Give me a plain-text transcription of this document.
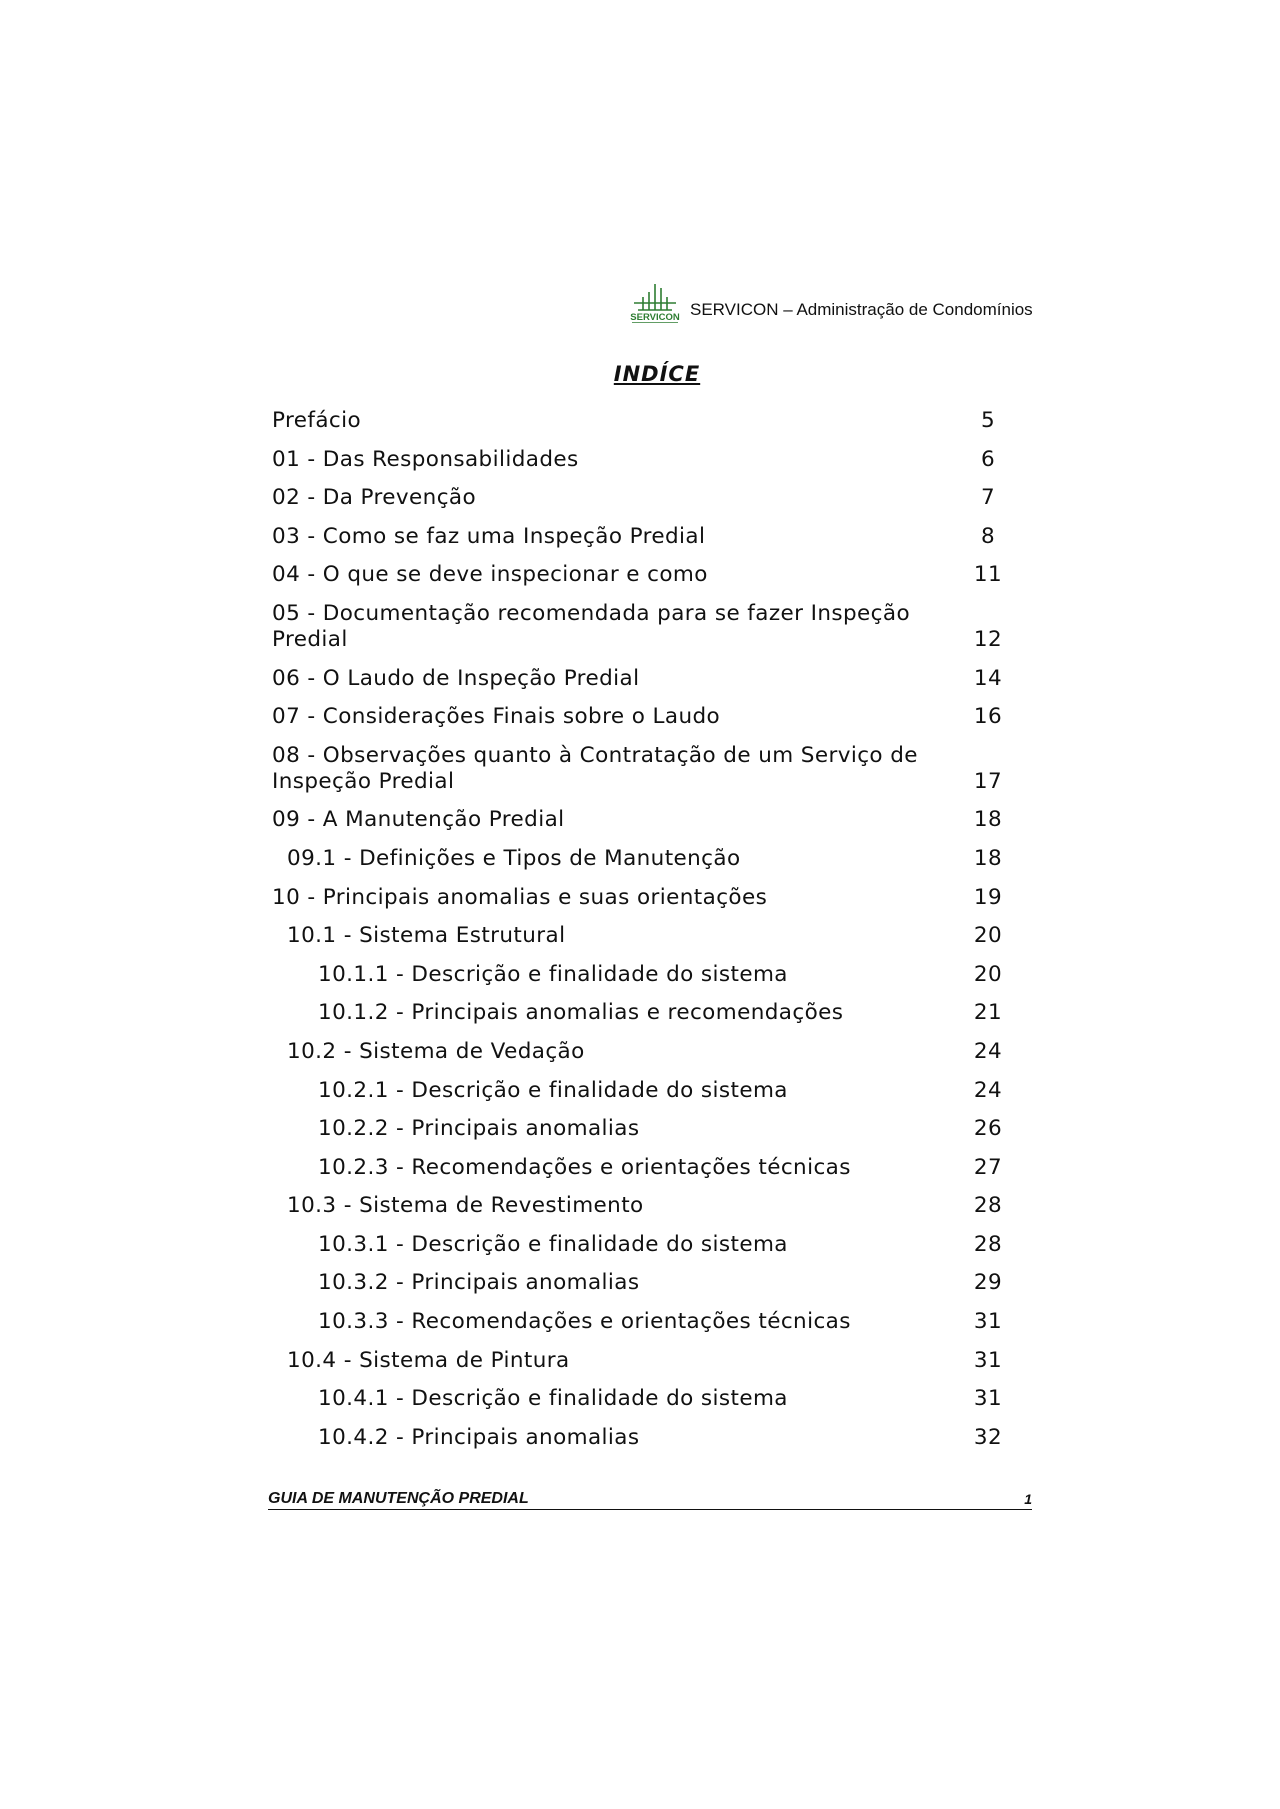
SERVICON SERVICON – Administração de Condomínios
INDÍCE
Prefácio	5
01 - Das Responsabilidades	6
02 - Da Prevenção	7
03 - Como se faz uma Inspeção Predial	8
04 - O que se deve inspecionar e como	11
05 - Documentação recomendada para se fazer Inspeção
Predial	12
06 - O Laudo de Inspeção Predial	14
07 - Considerações Finais sobre o Laudo	16
08 - Observações quanto à Contratação de um Serviço de
Inspeção Predial	17
09 - A Manutenção Predial	18
09.1 - Definições e Tipos de Manutenção	18
10 - Principais anomalias e suas orientações	19
10.1 - Sistema Estrutural	20
10.1.1 - Descrição e finalidade do sistema	20
10.1.2 - Principais anomalias e recomendações	21
10.2 - Sistema de Vedação	24
10.2.1 - Descrição e finalidade do sistema	24
10.2.2 - Principais anomalias	26
10.2.3 - Recomendações e orientações técnicas	27
10.3 - Sistema de Revestimento	28
10.3.1 - Descrição e finalidade do sistema	28
10.3.2 - Principais anomalias	29
10.3.3 - Recomendações e orientações técnicas	31
10.4 - Sistema de Pintura	31
10.4.1 - Descrição e finalidade do sistema	31
10.4.2 - Principais anomalias	32
GUIA DE MANUTENÇÃO PREDIAL	1
